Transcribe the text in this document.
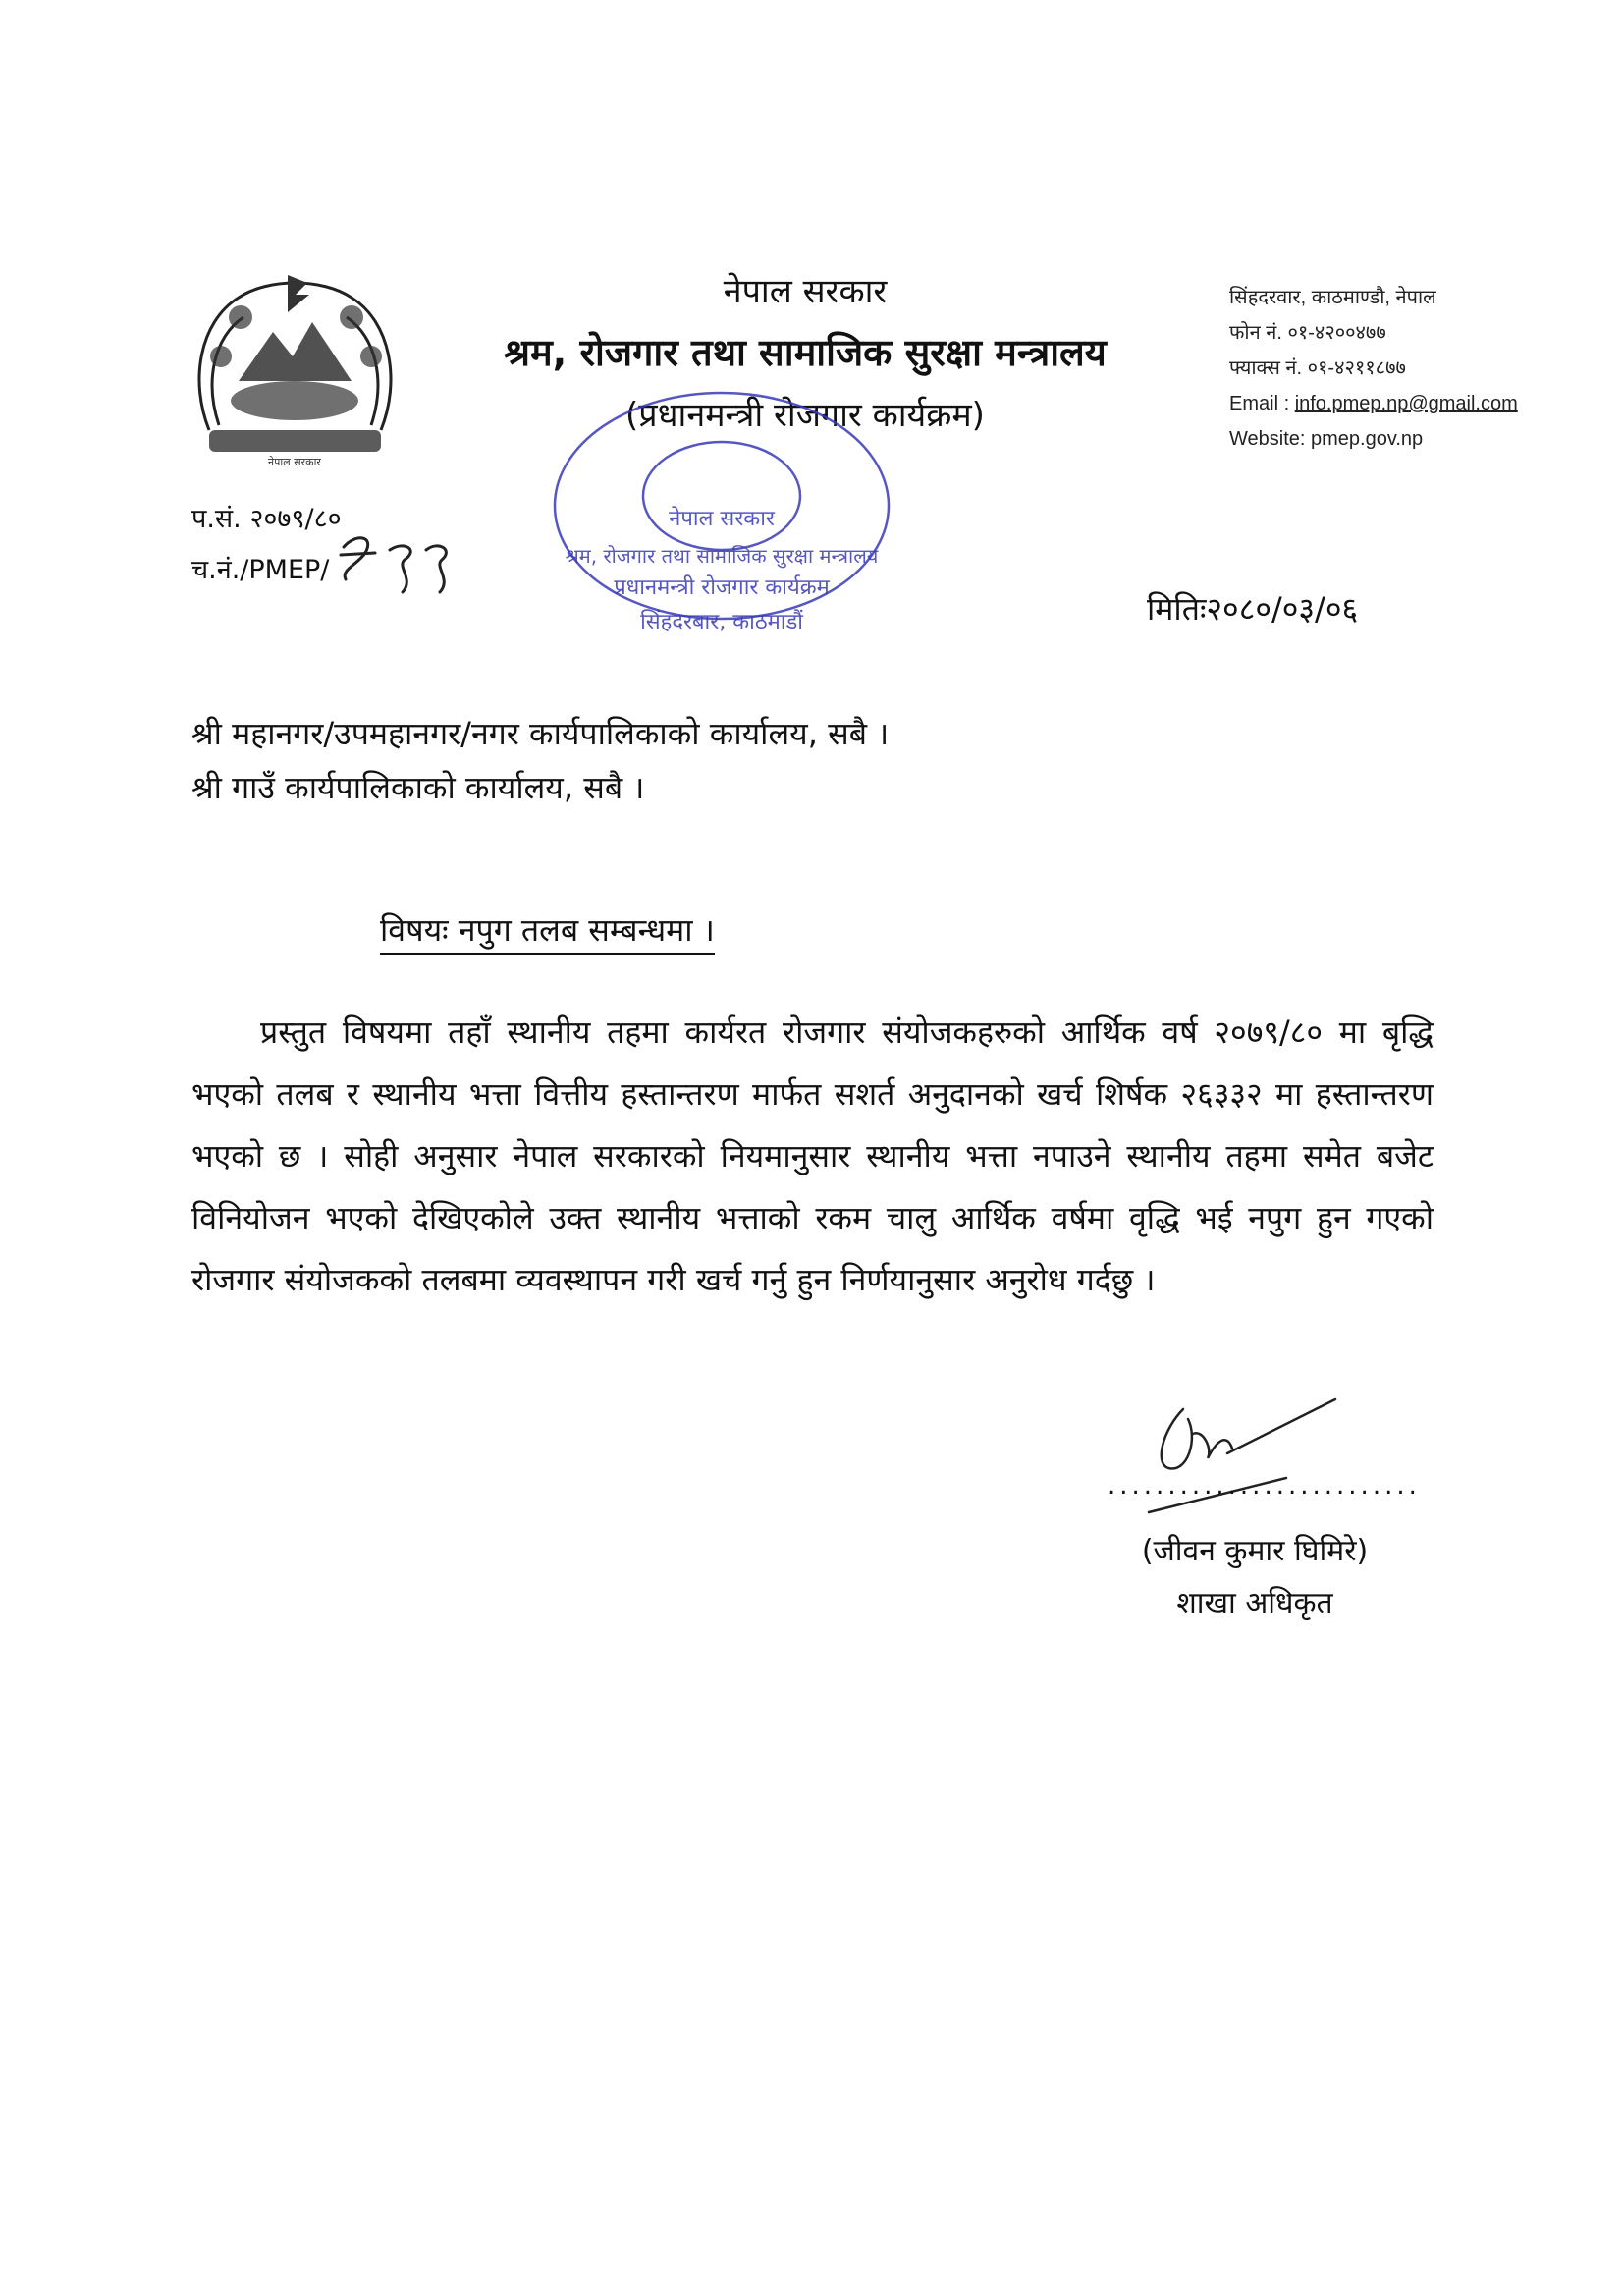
नेपाल सरकार
नेपाल सरकार
श्रम, रोजगार तथा सामाजिक सुरक्षा मन्त्रालय
(प्रधानमन्त्री रोजगार कार्यक्रम)
सिंहदरवार, काठमाण्डौ, नेपाल
फोन नं. ०१-४२००४७७
फ्याक्स नं. ०१-४२११८७७
Email : info.pmep.np@gmail.com
Website: pmep.gov.np
प.सं. २०७९/८०
च.नं./PMEP/
नेपाल सरकार
श्रम, रोजगार तथा सामाजिक सुरक्षा मन्त्रालय
प्रधानमन्त्री रोजगार कार्यक्रम
सिंहदरबार, काठमाडौं	मितिः२०८०/०३/०६
श्री महानगर/उपमहानगर/नगर कार्यपालिकाको कार्यालय, सबै ।
श्री गाउँ कार्यपालिकाको कार्यालय, सबै ।
विषयः नपुग तलब सम्बन्धमा ।
प्रस्तुत विषयमा तहाँ स्थानीय तहमा कार्यरत रोजगार संयोजकहरुको आर्थिक वर्ष २०७९/८० मा बृद्धि भएको तलब र स्थानीय भत्ता वित्तीय हस्तान्तरण मार्फत सशर्त अनुदानको खर्च शिर्षक २६३३२ मा हस्तान्तरण भएको छ । सोही अनुसार नेपाल सरकारको नियमानुसार स्थानीय भत्ता नपाउने स्थानीय तहमा समेत बजेट विनियोजन भएको देखिएकोले उक्त स्थानीय भत्ताको रकम चालु आर्थिक वर्षमा वृद्धि भई नपुग हुन गएको रोजगार संयोजकको तलबमा व्यवस्थापन गरी खर्च गर्नु हुन निर्णयानुसार अनुरोध गर्दछु ।
..........................
(जीवन कुमार घिमिरे)
शाखा अधिकृत
